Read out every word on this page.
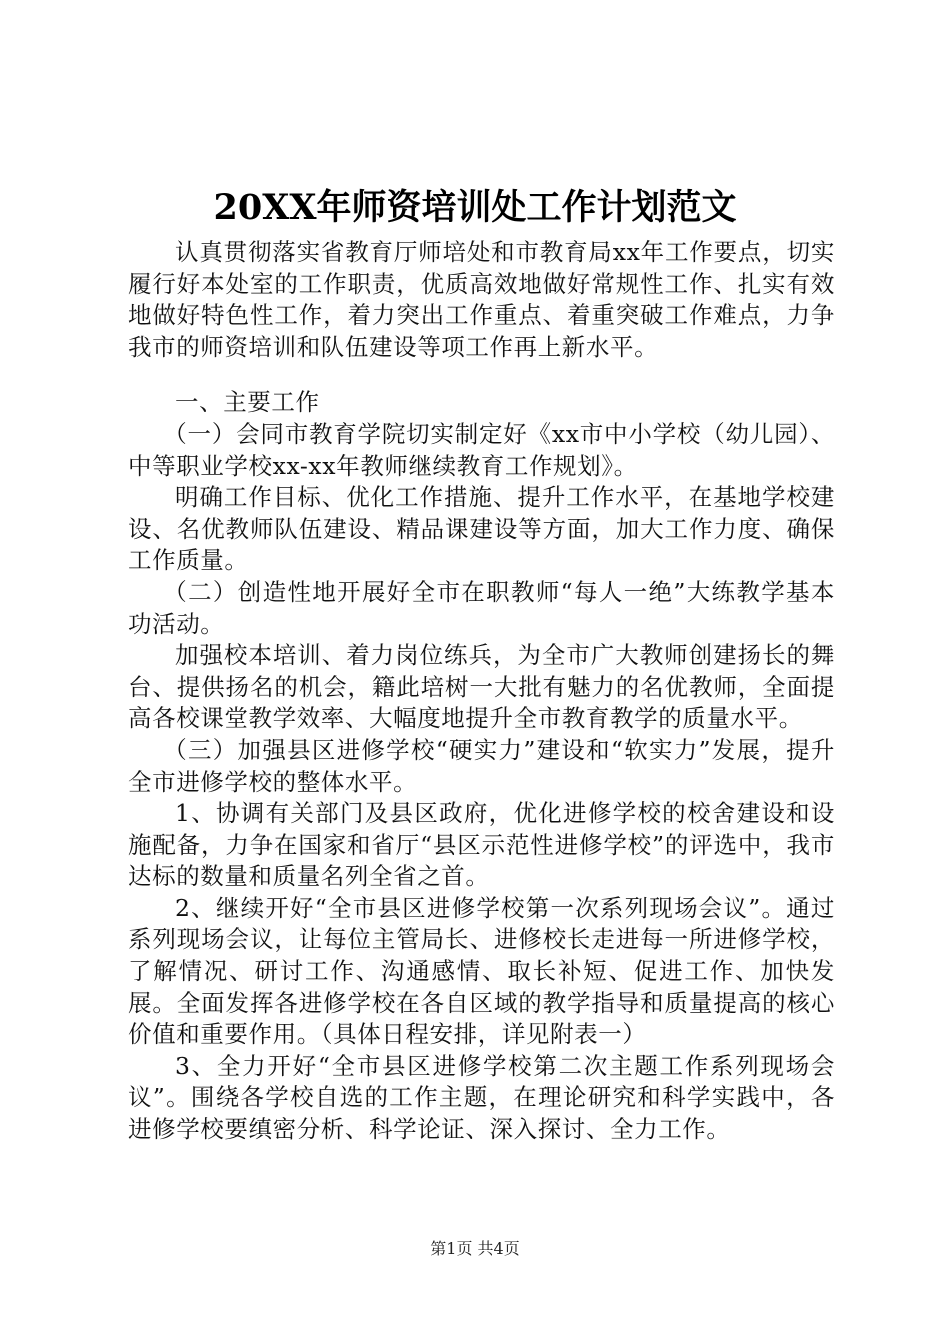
20XX年师资培训处工作计划范文

认真贯彻落实省教育厅师培处和市教育局xx年工作要点，切实履行好本处室的工作职责，优质高效地做好常规性工作、扎实有效地做好特色性工作，着力突出工作重点、着重突破工作难点，力争我市的师资培训和队伍建设等项工作再上新水平。

一、主要工作

（一）会同市教育学院切实制定好《xx市中小学校（幼儿园）、中等职业学校xx-xx年教师继续教育工作规划》。

明确工作目标、优化工作措施、提升工作水平，在基地学校建设、名优教师队伍建设、精品课建设等方面，加大工作力度、确保工作质量。

（二）创造性地开展好全市在职教师“每人一绝”大练教学基本功活动。

加强校本培训、着力岗位练兵，为全市广大教师创建扬长的舞台、提供扬名的机会，籍此培树一大批有魅力的名优教师，全面提高各校课堂教学效率、大幅度地提升全市教育教学的质量水平。

（三）加强县区进修学校“硬实力”建设和“软实力”发展，提升全市进修学校的整体水平。

1、协调有关部门及县区政府，优化进修学校的校舍建设和设施配备，力争在国家和省厅“县区示范性进修学校”的评选中，我市达标的数量和质量名列全省之首。

2、继续开好“全市县区进修学校第一次系列现场会议”。通过系列现场会议，让每位主管局长、进修校长走进每一所进修学校，了解情况、研讨工作、沟通感情、取长补短、促进工作、加快发展。全面发挥各进修学校在各自区域的教学指导和质量提高的核心价值和重要作用。（具体日程安排，详见附表一）

3、全力开好“全市县区进修学校第二次主题工作系列现场会议”。围绕各学校自选的工作主题，在理论研究和科学实践中，各进修学校要缜密分析、科学论证、深入探讨、全力工作。

第1页 共4页
